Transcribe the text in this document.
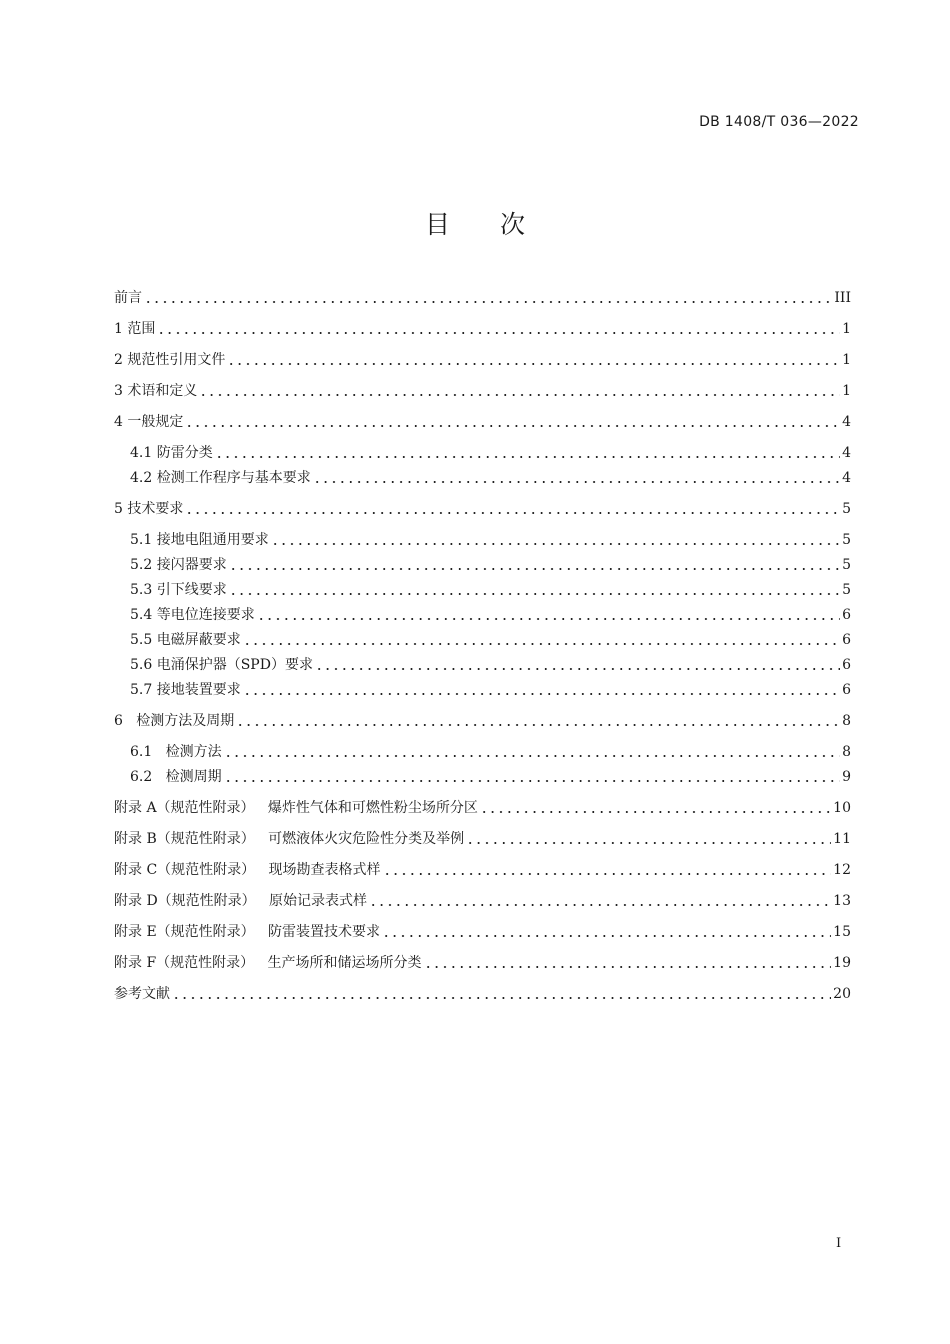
DB 1408/T 036—2022
目 次
前言	III
1 范围	1
2 规范性引用文件	1
3 术语和定义	1
4 一般规定	4
4.1 防雷分类	4
4.2 检测工作程序与基本要求	4
5 技术要求	5
5.1 接地电阻通用要求	5
5.2 接闪器要求	5
5.3 引下线要求	5
5.4 等电位连接要求	6
5.5 电磁屏蔽要求	6
5.6 电涌保护器（SPD）要求	6
5.7 接地装置要求	6
6 检测方法及周期	8
6.1 检测方法	8
6.2 检测周期	9
附录 A（规范性附录） 爆炸性气体和可燃性粉尘场所分区	10
附录 B（规范性附录） 可燃液体火灾危险性分类及举例	11
附录 C（规范性附录） 现场勘查表格式样	12
附录 D（规范性附录） 原始记录表式样	13
附录 E（规范性附录） 防雷装置技术要求	15
附录 F（规范性附录） 生产场所和储运场所分类	19
参考文献	20
I
